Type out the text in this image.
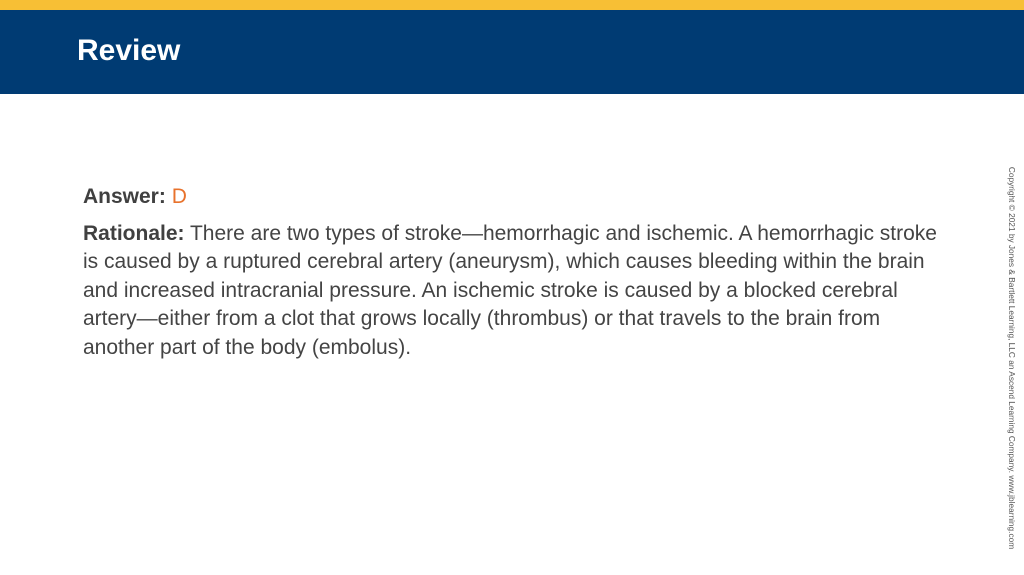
Review

Answer: D

Rationale: There are two types of stroke—hemorrhagic and ischemic. A hemorrhagic stroke is caused by a ruptured cerebral artery (aneurysm), which causes bleeding within the brain and increased intracranial pressure. An ischemic stroke is caused by a blocked cerebral artery—either from a clot that grows locally (thrombus) or that travels to the brain from another part of the body (embolus).	Copyright © 2021 by Jones & Bartlett Learning, LLC an Ascend Learning Company. www.jblearning.com
